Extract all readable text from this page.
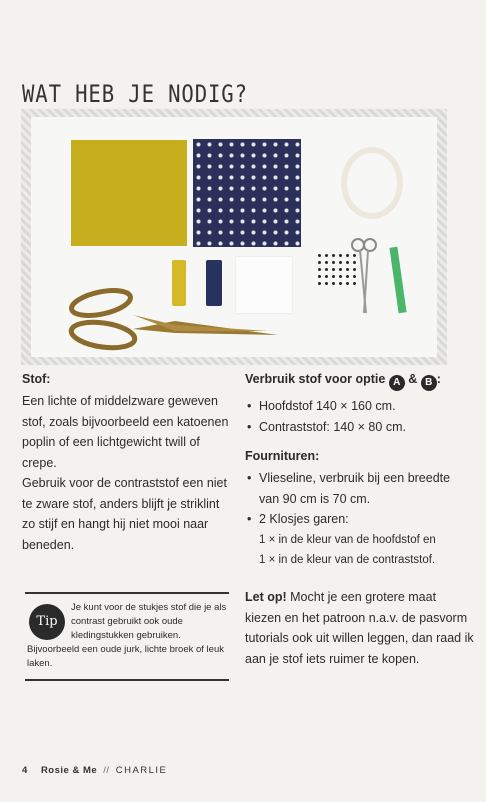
WAT HEB JE NODIG?

Stof:

Een lichte of middelzware geweven stof, zoals bijvoorbeeld een katoenen poplin of een lichtgewicht twill of crepe.

Gebruik voor de contraststof een niet te zware stof, anders blijft je striklint zo stijf en hangt hij niet mooi naar beneden.

Verbruik stof voor optie A & B :

• Hoofdstof 140 × 160 cm.
• Contraststof: 140 × 80 cm.

Fournituren:

• Vlieseline, verbruik bij een breedte van 90 cm is 70 cm.
• 2 Klosjes garen:

1 × in de kleur van de hoofdstof en

1 × in de kleur van de contraststof.

Tip

Je kunt voor de stukjes stof die je als contrast gebruikt ook oude kledingstukken gebruiken. Bijvoorbeeld een oude jurk, lichte broek of leuk laken.

Let op! Mocht je een grotere maat kiezen en het patroon n.a.v. de pasvorm tutorials ook uit willen leggen, dan raad ik aan je stof iets ruimer te kopen.

4 Rosie & Me // CHARLIE
